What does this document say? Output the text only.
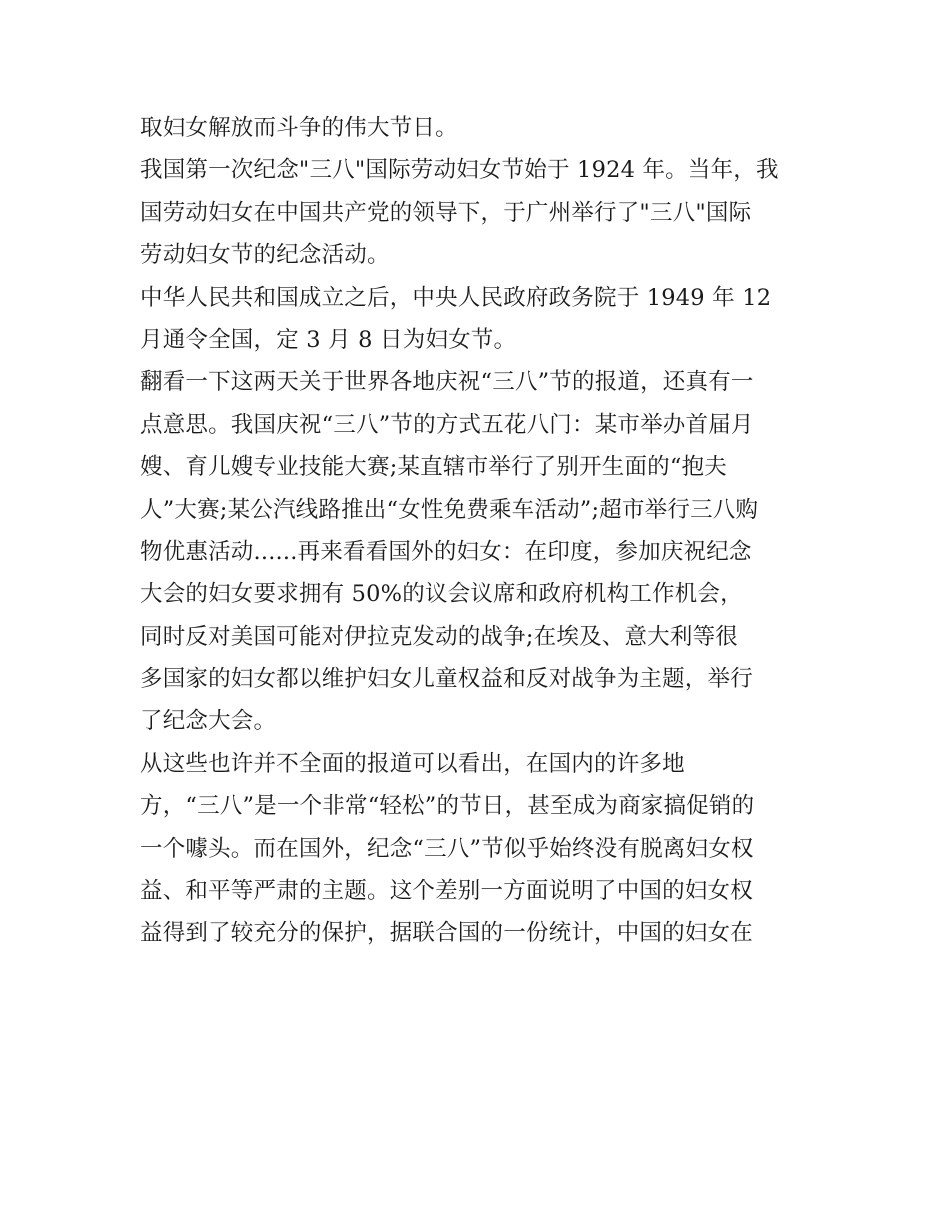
取妇女解放而斗争的伟大节日。
我国第一次纪念"三八"国际劳动妇女节始于 1924 年。当年，我
国劳动妇女在中国共产党的领导下，于广州举行了"三八"国际
劳动妇女节的纪念活动。
中华人民共和国成立之后，中央人民政府政务院于 1949 年 12
月通令全国，定 3 月 8 日为妇女节。
翻看一下这两天关于世界各地庆祝“三八”节的报道，还真有一
点意思。我国庆祝“三八”节的方式五花八门：某市举办首届月
嫂、育儿嫂专业技能大赛;某直辖市举行了别开生面的“抱夫
人”大赛;某公汽线路推出“女性免费乘车活动”;超市举行三八购
物优惠活动......再来看看国外的妇女：在印度，参加庆祝纪念
大会的妇女要求拥有 50%的议会议席和政府机构工作机会，
同时反对美国可能对伊拉克发动的战争;在埃及、意大利等很
多国家的妇女都以维护妇女儿童权益和反对战争为主题，举行
了纪念大会。
从这些也许并不全面的报道可以看出，在国内的许多地
方，“三八”是一个非常“轻松”的节日，甚至成为商家搞促销的
一个噱头。而在国外，纪念“三八”节似乎始终没有脱离妇女权
益、和平等严肃的主题。这个差别一方面说明了中国的妇女权
益得到了较充分的保护，据联合国的一份统计，中国的妇女在
